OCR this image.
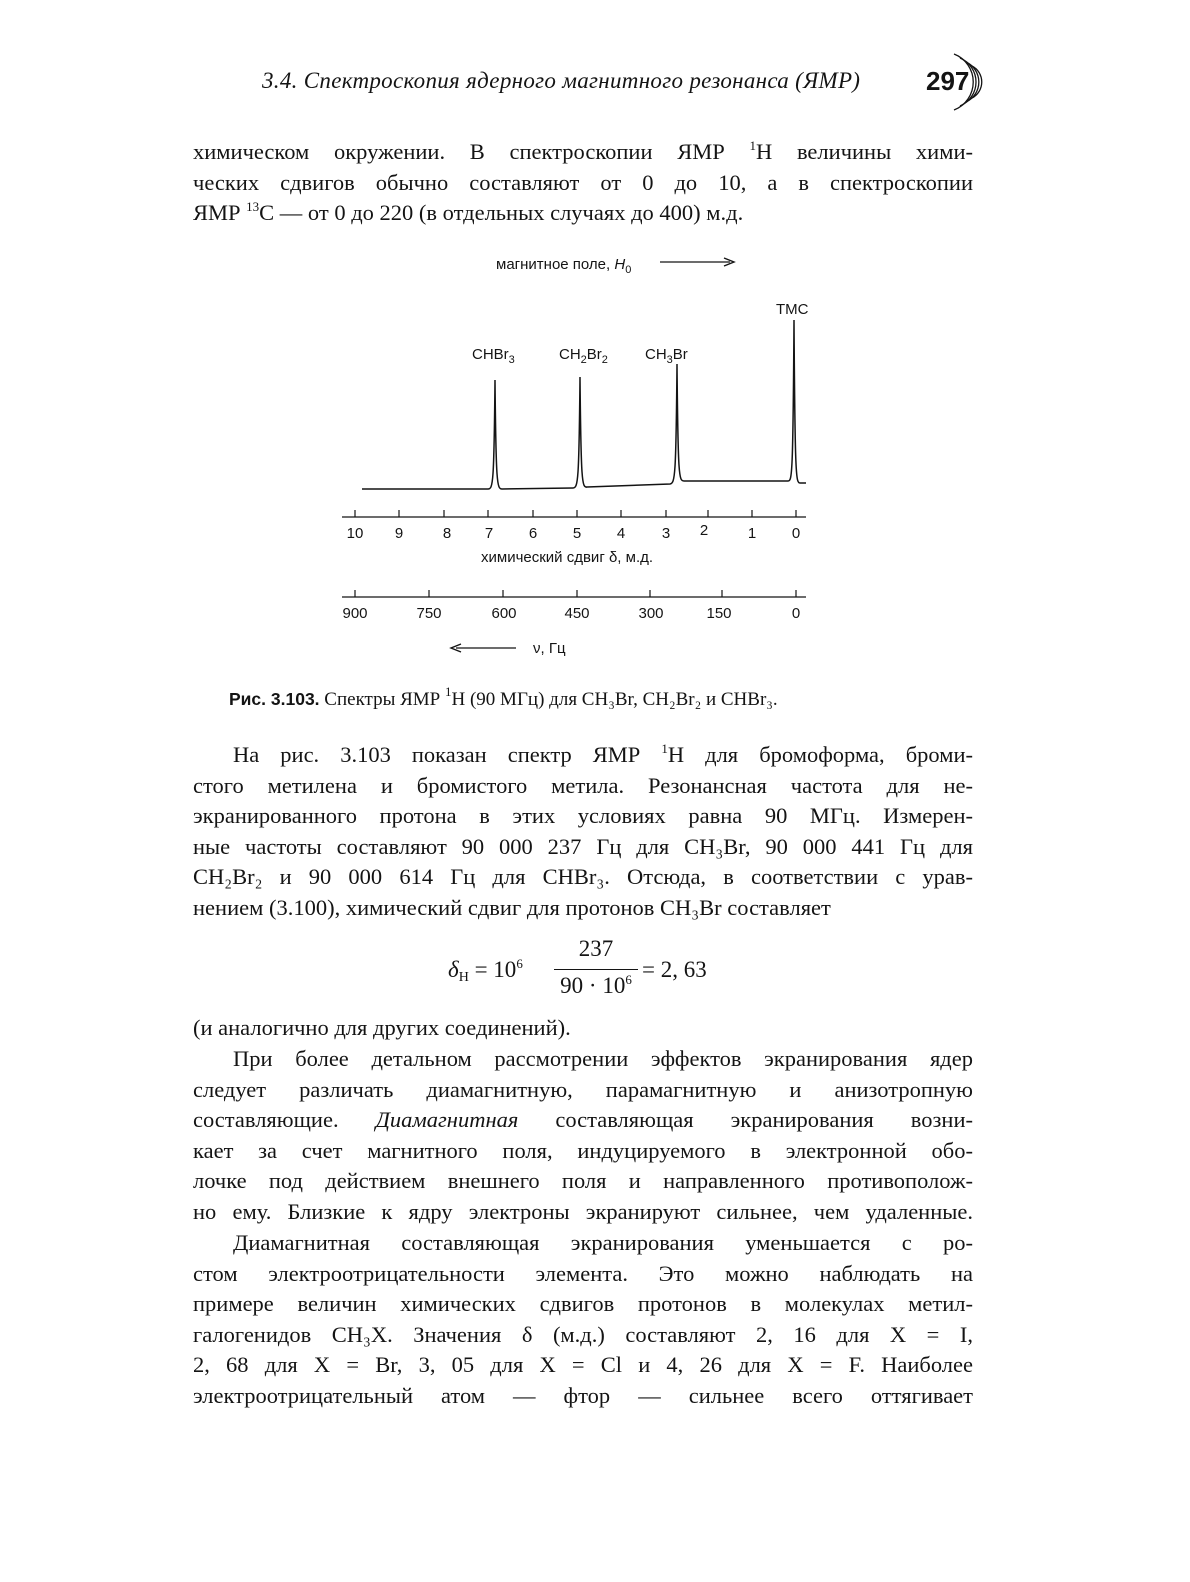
3.4. Спектроскопия ядерного магнитного резонанса (ЯМР)	297
химическом окружении. В спектроскопии ЯМР $^1$H величины хими-
ческих сдвигов обычно составляют от 0 до 10, а в спектроскопии
ЯМР $^{13}$C — от 0 до 220 (в отдельных случаях до 400) м.д.
магнитное поле, $H_0$
CHBr$_3$	$CH_2Br_2$ $CH_3Br$
TMC
10 9	8 7 6 5 4 3 2	1 0
химический сдвиг δ, м.д.
900	750	600	450	300	150	0
ν, Гц
Рис. 3.103. Спектры ЯМР $^1$H (90 МГц) для CH₃Br, CH₂Br₂ и CHBr₃.
На рис. 3.103 показан спектр ЯМР $^1$H для бромоформа, броми-
стого метилена и бромистого метила. Резонансная частота для не-
экранированного протона в этих условиях равна 90 МГц. Измерен-
ные частоты составляют 90 000 237 Гц для CH₃Br, 90 000 441 Гц для
CH₂Br₂ и 90 000 614 Гц для CHBr₃. Отсюда, в соответствии с урав-
нением (3.100), химический сдвиг для протонов CH₃Br составляет
$\delta_H = 10^6$
237
$90 \cdot 10^6 = 2$, 63
(и аналогично для других соединений).
При более детальном рассмотрении эффектов экранирования ядер
следует различать диамагнитную, парамагнитную и анизотропную
составляющие. Диамагнитная составляющая экранирования возни-
кает за счет магнитного поля, индуцируемого в электронной обо-
лочке под действием внешнего поля и направленного противополож-
но ему. Близкие к ядру электроны экранируют сильнее, чем удаленные.
Диамагнитная составляющая экранирования уменьшается с ро-
стом электроотрицательности элемента. Это можно наблюдать на
примере величин химических сдвигов протонов в молекулах метил-
галогенидов CH₃X. Значения δ (м.д.) составляют 2, 16 для X = I,
2, 68 для X = Br, 3, 05 для X = Cl и 4, 26 для X = F. Наиболее
электроотрицательный атом — фтор — сильнее всего оттягивает
